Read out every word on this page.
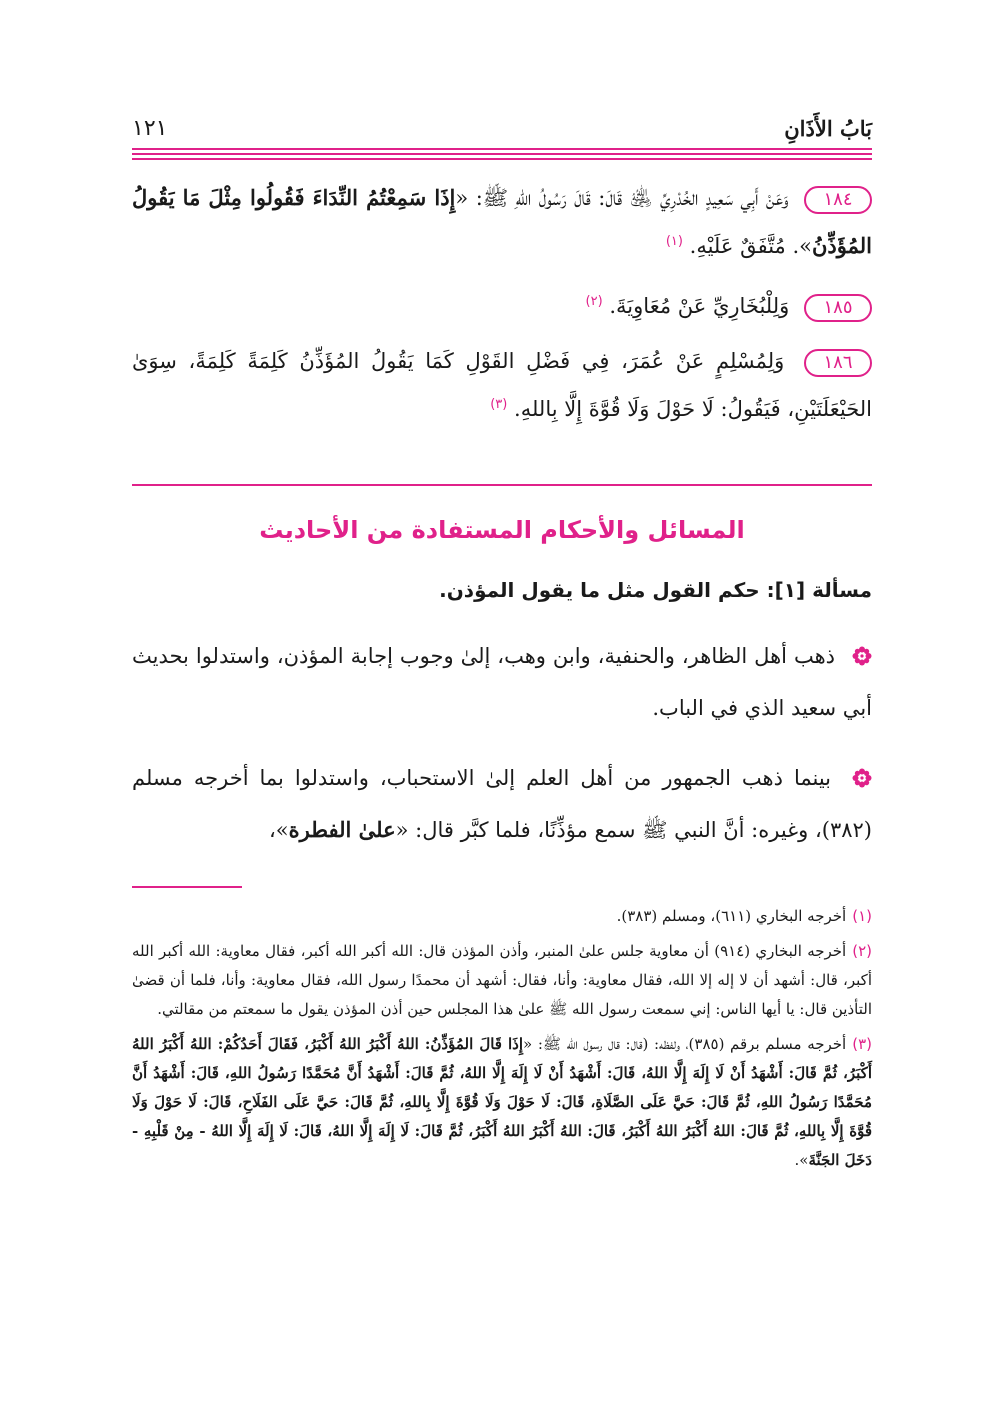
بَابُ الأَذَانِ
١٢١

١٨٤ وَعَنْ أَبِي سَعِيدٍ الخُدْرِيِّ ﵁ قَالَ: قَالَ رَسُولُ اللهِ ﷺ: «إِذَا سَمِعْتُمُ النِّدَاءَ فَقُولُوا مِثْلَ مَا يَقُولُ المُؤَذِّنُ». مُتَّفَقٌ عَلَيْهِ. $^{(١)}$

١٨٥ وَلِلْبُخَارِيِّ عَنْ مُعَاوِيَةَ. $^{(٢)}$

١٨٦ وَلِمُسْلِمٍ عَنْ عُمَرَ، فِي فَضْلِ القَوْلِ كَمَا يَقُولُ المُؤَذِّنُ كَلِمَةً كَلِمَةً، سِوَىٰ الحَيْعَلَتَيْنِ، فَيَقُولُ: لَا حَوْلَ وَلَا قُوَّةَ إِلَّا بِاللهِ. $^{(٣)}$

المسائل والأحكام المستفادة من الأحاديث
مسألة [١]: حكم القول مثل ما يقول المؤذن.

ذهب أهل الظاهر، والحنفية، وابن وهب، إلىٰ وجوب إجابة المؤذن، واستدلوا بحديث أبي سعيد الذي في الباب.

بينما ذهب الجمهور من أهل العلم إلىٰ الاستحباب، واستدلوا بما أخرجه مسلم (٣٨٢)، وغيره: أنَّ النبي ﷺ سمع مؤذِّنًا، فلما كبَّر قال: «علىٰ الفطرة»،

(١)أخرجه البخاري (٦١١)، ومسلم (٣٨٣).

(٢)أخرجه البخاري (٩١٤) أن معاوية جلس علىٰ المنبر، وأذن المؤذن قال: الله أكبر الله أكبر، فقال معاوية: الله أكبر الله أكبر، قال: أشهد أن لا إله إلا الله، فقال معاوية: وأنا، فقال: أشهد أن محمدًا رسول الله، فقال معاوية: وأنا، فلما أن قضىٰ التأذين قال: يا أيها الناس: إني سمعت رسول الله ﷺ علىٰ هذا المجلس حين أذن المؤذن يقول ما سمعتم من مقالتي.

(٣)أخرجه مسلم برقم (٣٨٥)، ولفظه: (قال: قال رسول الله ﷺ: «إِذَا قَالَ المُؤَذِّنُ: اللهُ أَكْبَرُ اللهُ أَكْبَرُ، فَقَالَ أَحَدُكُمْ: اللهُ أَكْبَرُ اللهُ أَكْبَرُ، ثُمَّ قَالَ: أَشْهَدُ أَنْ لَا إِلَهَ إِلَّا اللهُ، قَالَ: أَشْهَدُ أَنْ لَا إِلَهَ إِلَّا اللهُ، ثُمَّ قَالَ: أَشْهَدُ أَنَّ مُحَمَّدًا رَسُولُ اللهِ، قَالَ: أَشْهَدُ أَنَّ مُحَمَّدًا رَسُولُ اللهِ، ثُمَّ قَالَ: حَيَّ عَلَى الصَّلَاةِ، قَالَ: لَا حَوْلَ وَلَا قُوَّةَ إِلَّا بِاللهِ، ثُمَّ قَالَ: حَيَّ عَلَى الفَلَاحِ، قَالَ: لَا حَوْلَ وَلَا قُوَّةَ إِلَّا بِاللهِ، ثُمَّ قَالَ: اللهُ أَكْبَرُ اللهُ أَكْبَرُ، قَالَ: اللهُ أَكْبَرُ اللهُ أَكْبَرُ، ثُمَّ قَالَ: لَا إِلَهَ إِلَّا اللهُ، قَالَ: لَا إِلَهَ إِلَّا اللهُ - مِنْ قَلْبِهِ - دَخَلَ الجَنَّةَ».
